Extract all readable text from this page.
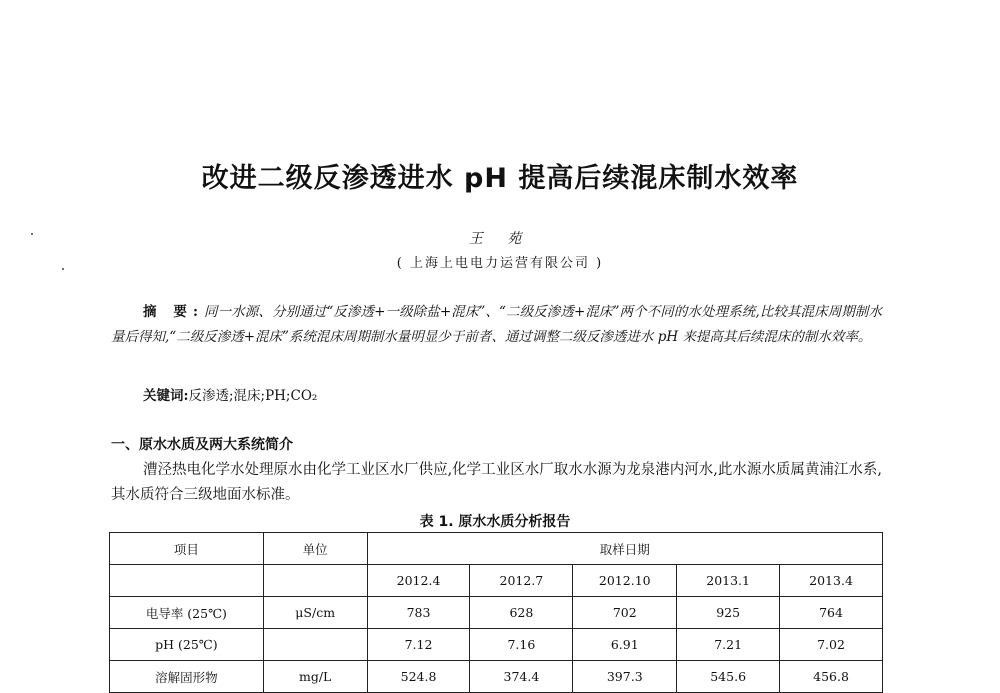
改进二级反渗透进水 pH 提高后续混床制水效率
王 苑
( 上海上电电力运营有限公司 )
摘 要:同一水源、分别通过“反渗透+一级除盐+混床”、“二级反渗透+混床”两个不同的水处理系统,比较其混床周期制水量后得知,“二级反渗透+混床”系统混床周期制水量明显少于前者、通过调整二级反渗透进水 pH 来提高其后续混床的制水效率。
关键词:反渗透;混床;PH;CO₂
一、原水水质及两大系统简介
漕泾热电化学水处理原水由化学工业区水厂供应,化学工业区水厂取水水源为龙泉港内河水,此水源水质属黄浦江水系,其水质符合三级地面水标准。
表 1. 原水水质分析报告
项目	单位	取样日期				
		2012.4	2012.7	2012.10	2013.1	2013.4
电导率 (25℃)	μS/cm	783	628	702	925	764
pH (25℃)		7.12	7.16	6.91	7.21	7.02
溶解固形物	mg/L	524.8	374.4	397.3	545.6	456.8
